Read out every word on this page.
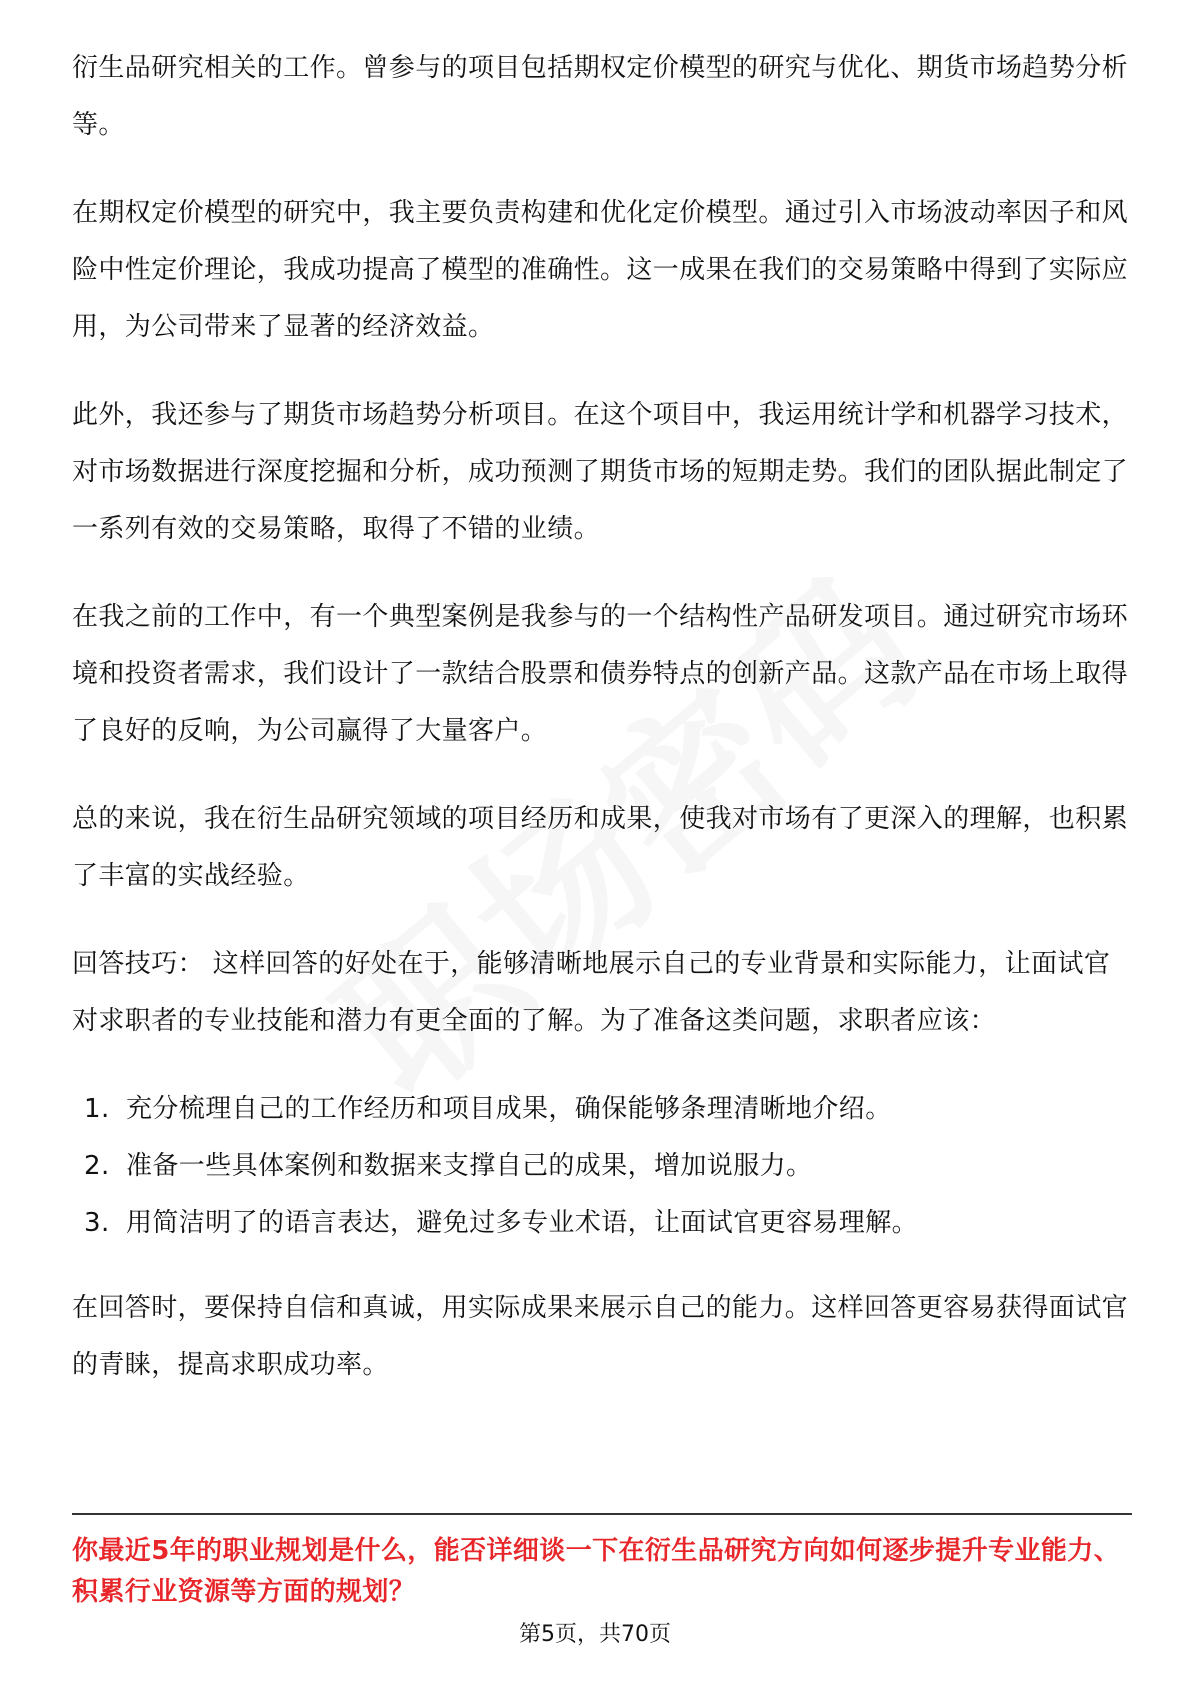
衍生品研究相关的工作。曾参与的项目包括期权定价模型的研究与优化、期货市场趋势分析等。

在期权定价模型的研究中，我主要负责构建和优化定价模型。通过引入市场波动率因子和风险中性定价理论，我成功提高了模型的准确性。这一成果在我们的交易策略中得到了实际应用，为公司带来了显著的经济效益。

此外，我还参与了期货市场趋势分析项目。在这个项目中，我运用统计学和机器学习技术，对市场数据进行深度挖掘和分析，成功预测了期货市场的短期走势。我们的团队据此制定了一系列有效的交易策略，取得了不错的业绩。

在我之前的工作中，有一个典型案例是我参与的一个结构性产品研发项目。通过研究市场环境和投资者需求，我们设计了一款结合股票和债券特点的创新产品。这款产品在市场上取得了良好的反响，为公司赢得了大量客户。

总的来说，我在衍生品研究领域的项目经历和成果，使我对市场有了更深入的理解，也积累了丰富的实战经验。

回答技巧： 这样回答的好处在于，能够清晰地展示自己的专业背景和实际能力，让面试官对求职者的专业技能和潜力有更全面的了解。为了准备这类问题，求职者应该：

1. 充分梳理自己的工作经历和项目成果，确保能够条理清晰地介绍。
2. 准备一些具体案例和数据来支撑自己的成果，增加说服力。
3. 用简洁明了的语言表达，避免过多专业术语，让面试官更容易理解。

在回答时，要保持自信和真诚，用实际成果来展示自己的能力。这样回答更容易获得面试官的青睐，提高求职成功率。

你最近5年的职业规划是什么，能否详细谈一下在衍生品研究方向如何逐步提升专业能力、积累行业资源等方面的规划？
第5页，共70页
